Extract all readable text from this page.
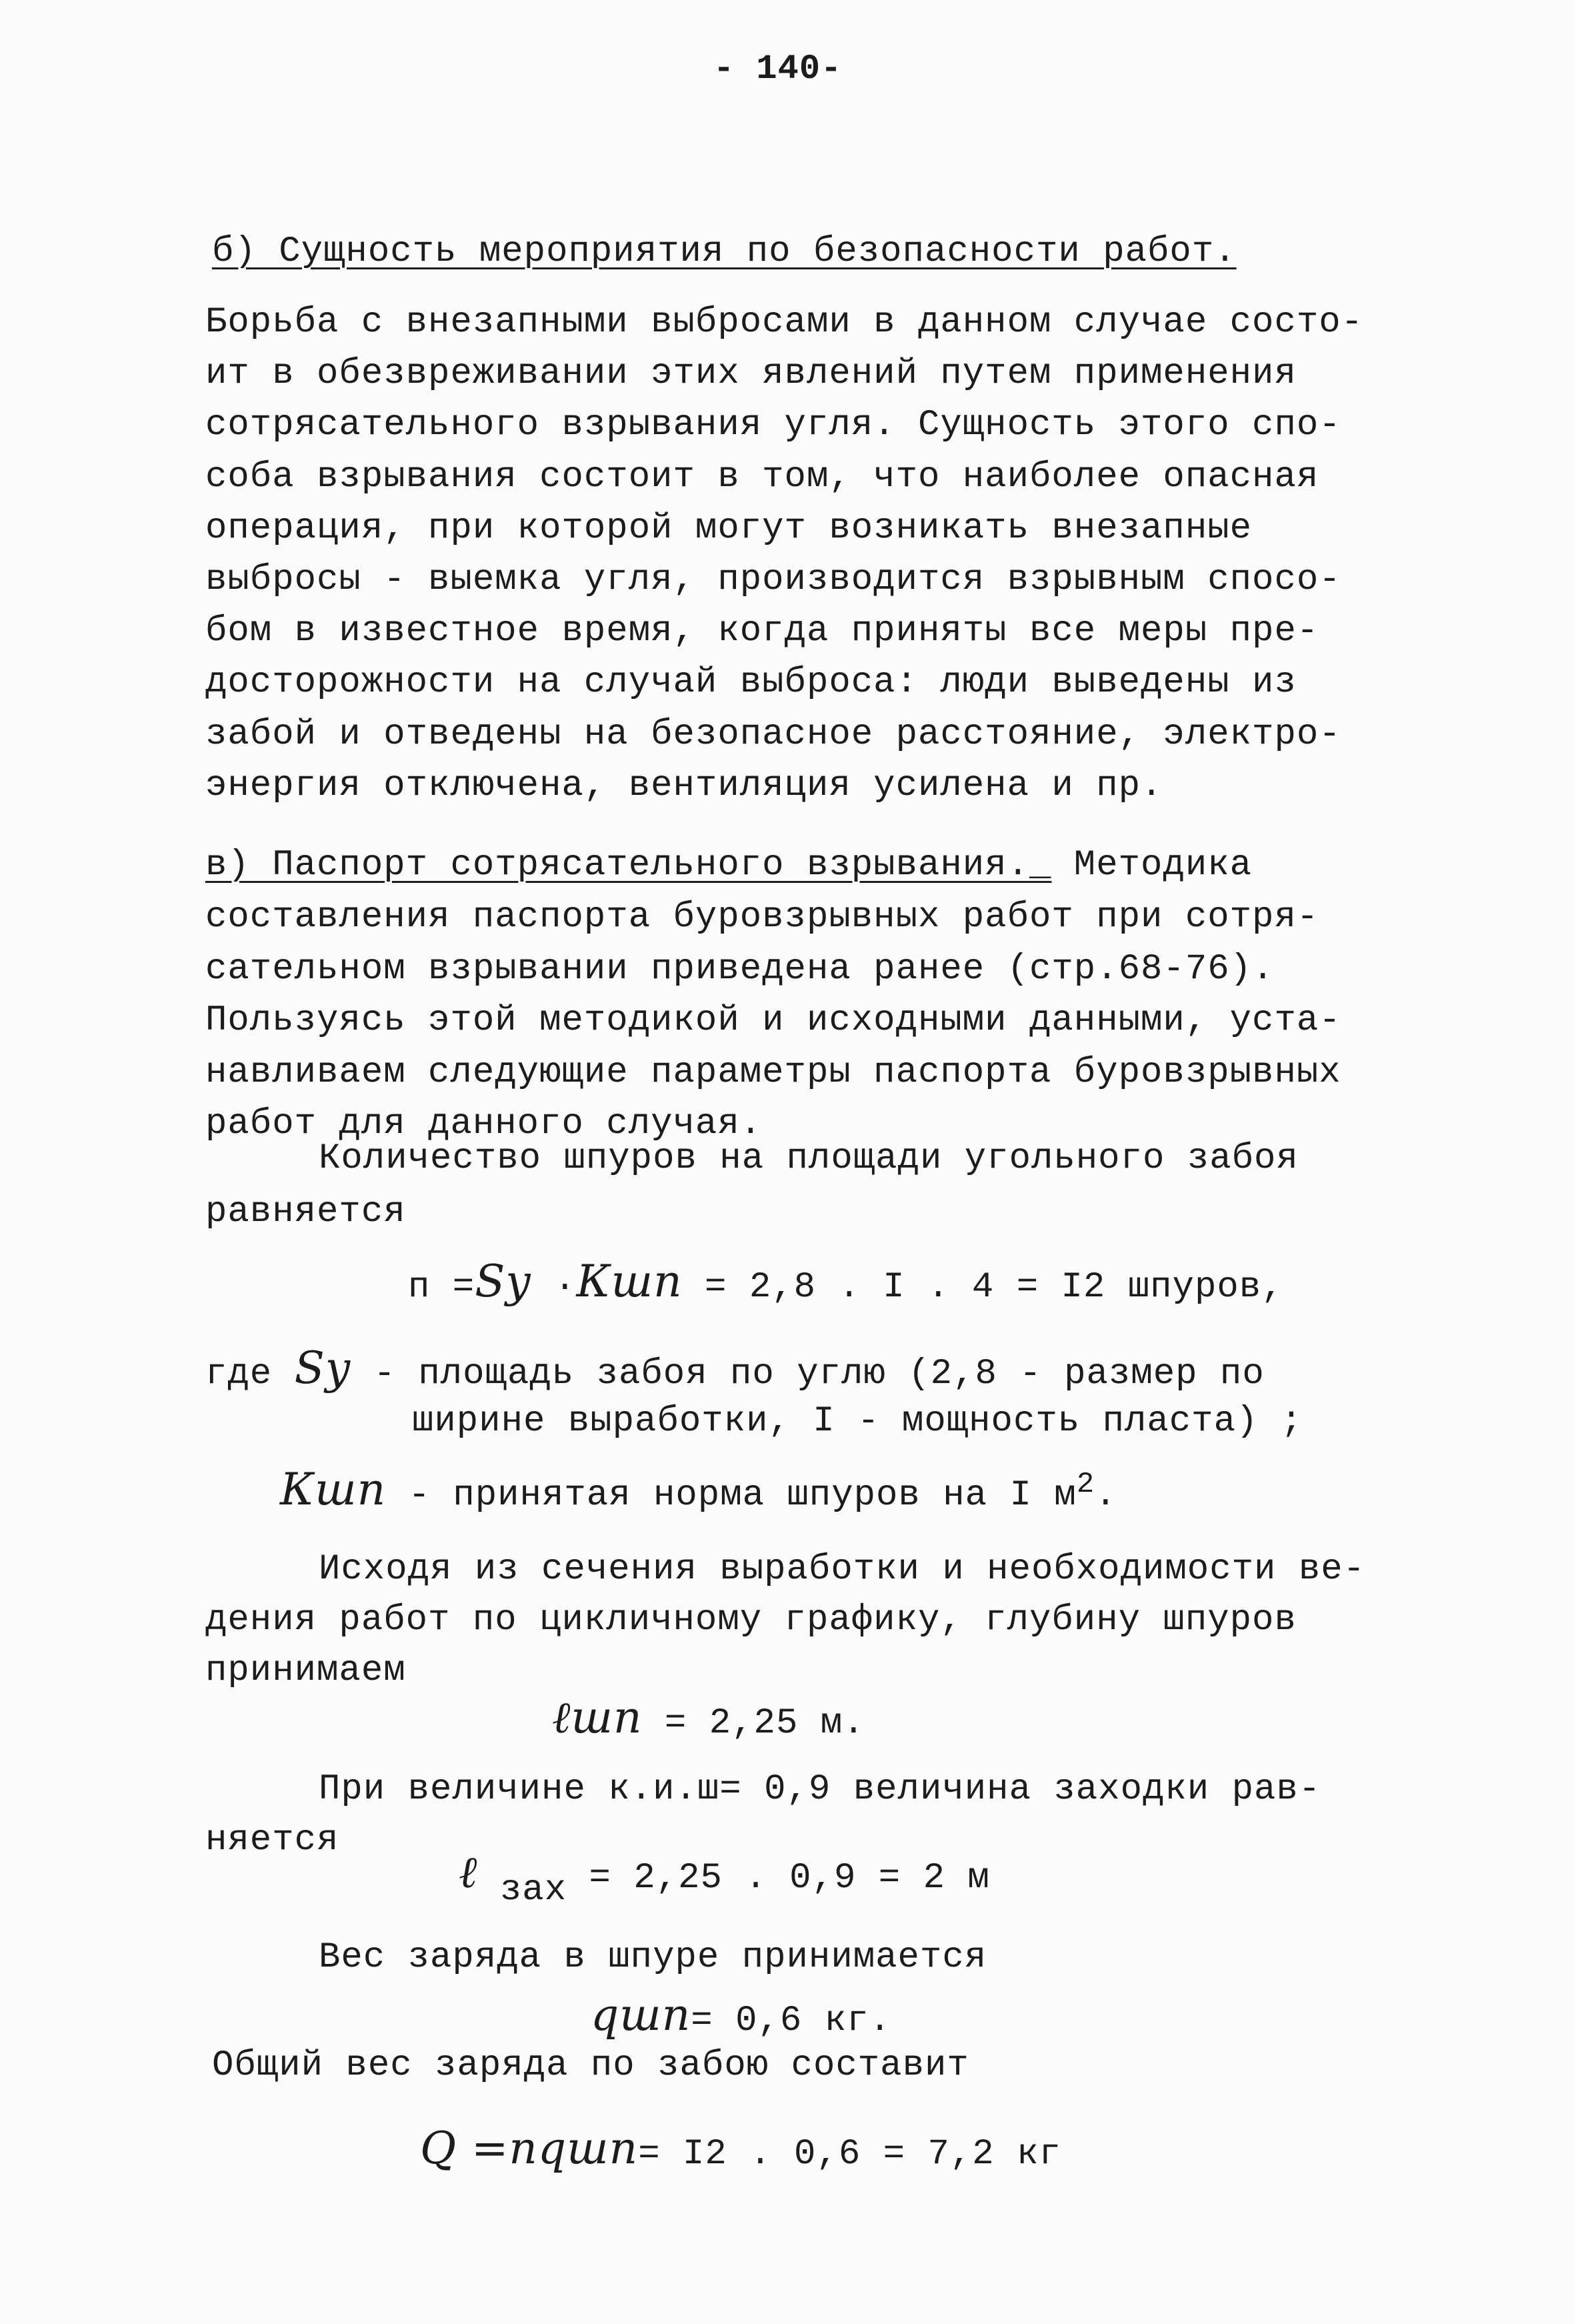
- 140-
б) Сущность мероприятия по безопасности работ.
Борьба с внезапными выбросами в данном случае состо-
ит в обезвреживании этих явлений путем применения
сотрясательного взрывания угля. Сущность этого спо-
соба взрывания состоит в том, что наиболее опасная
операция, при которой могут возникать внезапные
выбросы - выемка угля, производится взрывным спосо-
бом в известное время, когда приняты все меры пре-
досторожности на случай выброса: люди выведены из
забой и отведены на безопасное расстояние, электро-
энергия отключена, вентиляция усилена и пр.
в) Паспорт сотрясательного взрывания._ Методика
составления паспорта буровзрывных работ при сотря-
сательном взрывании приведена ранее (стр.68-76).
Пользуясь этой методикой и исходными данными, уста-
навливаем следующие параметры паспорта буровзрывных
работ для данного случая.
Количество шпуров на площади угольного забоя
равняется
п =Sу ·Кшп = 2,8 . I . 4 = I2 шпуров,
где Sу - площадь забоя по углю (2,8 - размер по
ширине выработки, I - мощность пласта) ;
Кшп - принятая норма шпуров на I $м^2$.
Исходя из сечения выработки и необходимости ве-
дения работ по цикличному графику, глубину шпуров
принимаем
ℓшп = 2,25 м.
При величине к.и.ш= 0,9 величина заходки рав-
няется
ℓ зах = 2,25 . 0,9 = 2 м
Вес заряда в шпуре принимается
qшп= 0,6 кг.
Общий вес заряда по забою составит
Q =пqшп= I2 . 0,6 = 7,2 кг
